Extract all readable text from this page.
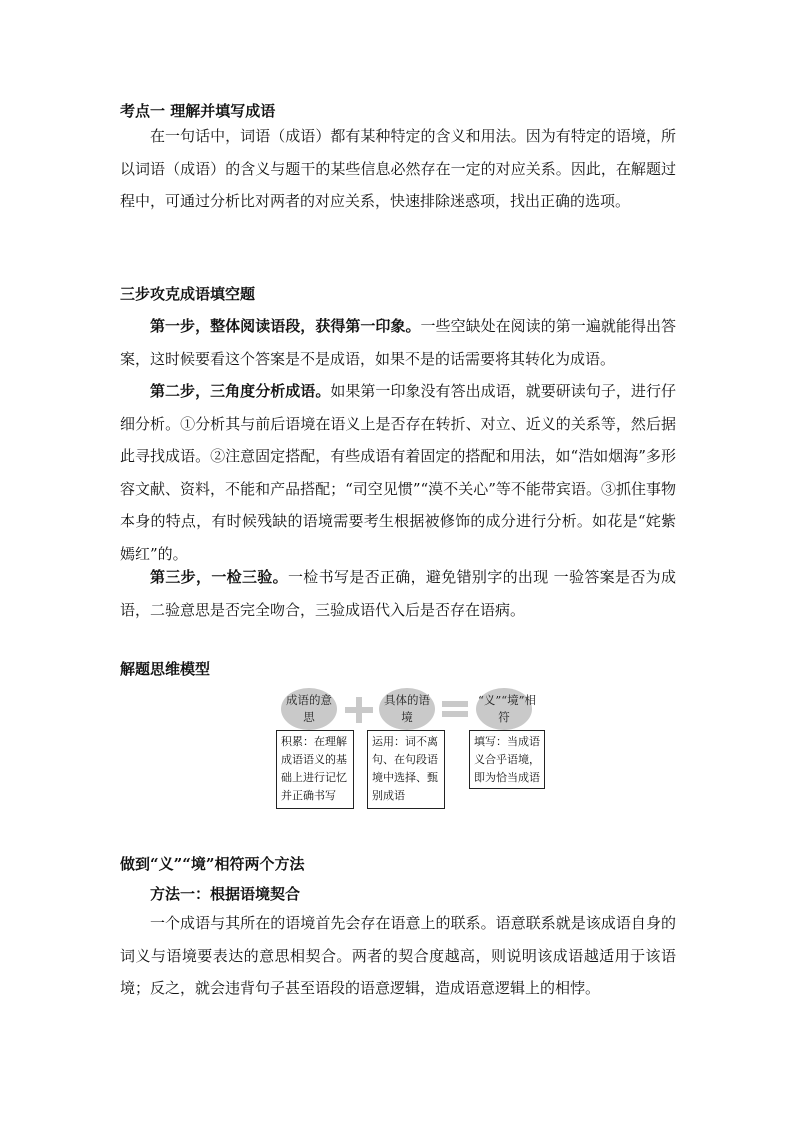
考点一 理解并填写成语
在一句话中，词语（成语）都有某种特定的含义和用法。因为有特定的语境，所以词语（成语）的含义与题干的某些信息必然存在一定的对应关系。因此，在解题过程中，可通过分析比对两者的对应关系，快速排除迷惑项，找出正确的选项。
三步攻克成语填空题
第一步，整体阅读语段，获得第一印象。一些空缺处在阅读的第一遍就能得出答案，这时候要看这个答案是不是成语，如果不是的话需要将其转化为成语。
第二步，三角度分析成语。如果第一印象没有答出成语，就要研读句子，进行仔细分析。①分析其与前后语境在语义上是否存在转折、对立、近义的关系等，然后据此寻找成语。②注意固定搭配，有些成语有着固定的搭配和用法，如“浩如烟海”多形容文献、资料，不能和产品搭配；“司空见惯”“漠不关心”等不能带宾语。③抓住事物本身的特点，有时候残缺的语境需要考生根据被修饰的成分进行分析。如花是“姹紫嫣红”的。
第三步，一检三验。一检书写是否正确，避免错别字的出现 一验答案是否为成语，二验意思是否完全吻合，三验成语代入后是否存在语病。
解题思维模型
成语的意思
具体的语境
“义”“境”相符
积累：在理解成语语义的基础上进行记忆并正确书写
运用：词不离句、在句段语境中选择、甄别成语
填写：当成语义合乎语境，即为恰当成语
做到“义”“境”相符两个方法
方法一：根据语境契合
一个成语与其所在的语境首先会存在语意上的联系。语意联系就是该成语自身的词义与语境要表达的意思相契合。两者的契合度越高，则说明该成语越适用于该语境；反之，就会违背句子甚至语段的语意逻辑，造成语意逻辑上的相悖。
